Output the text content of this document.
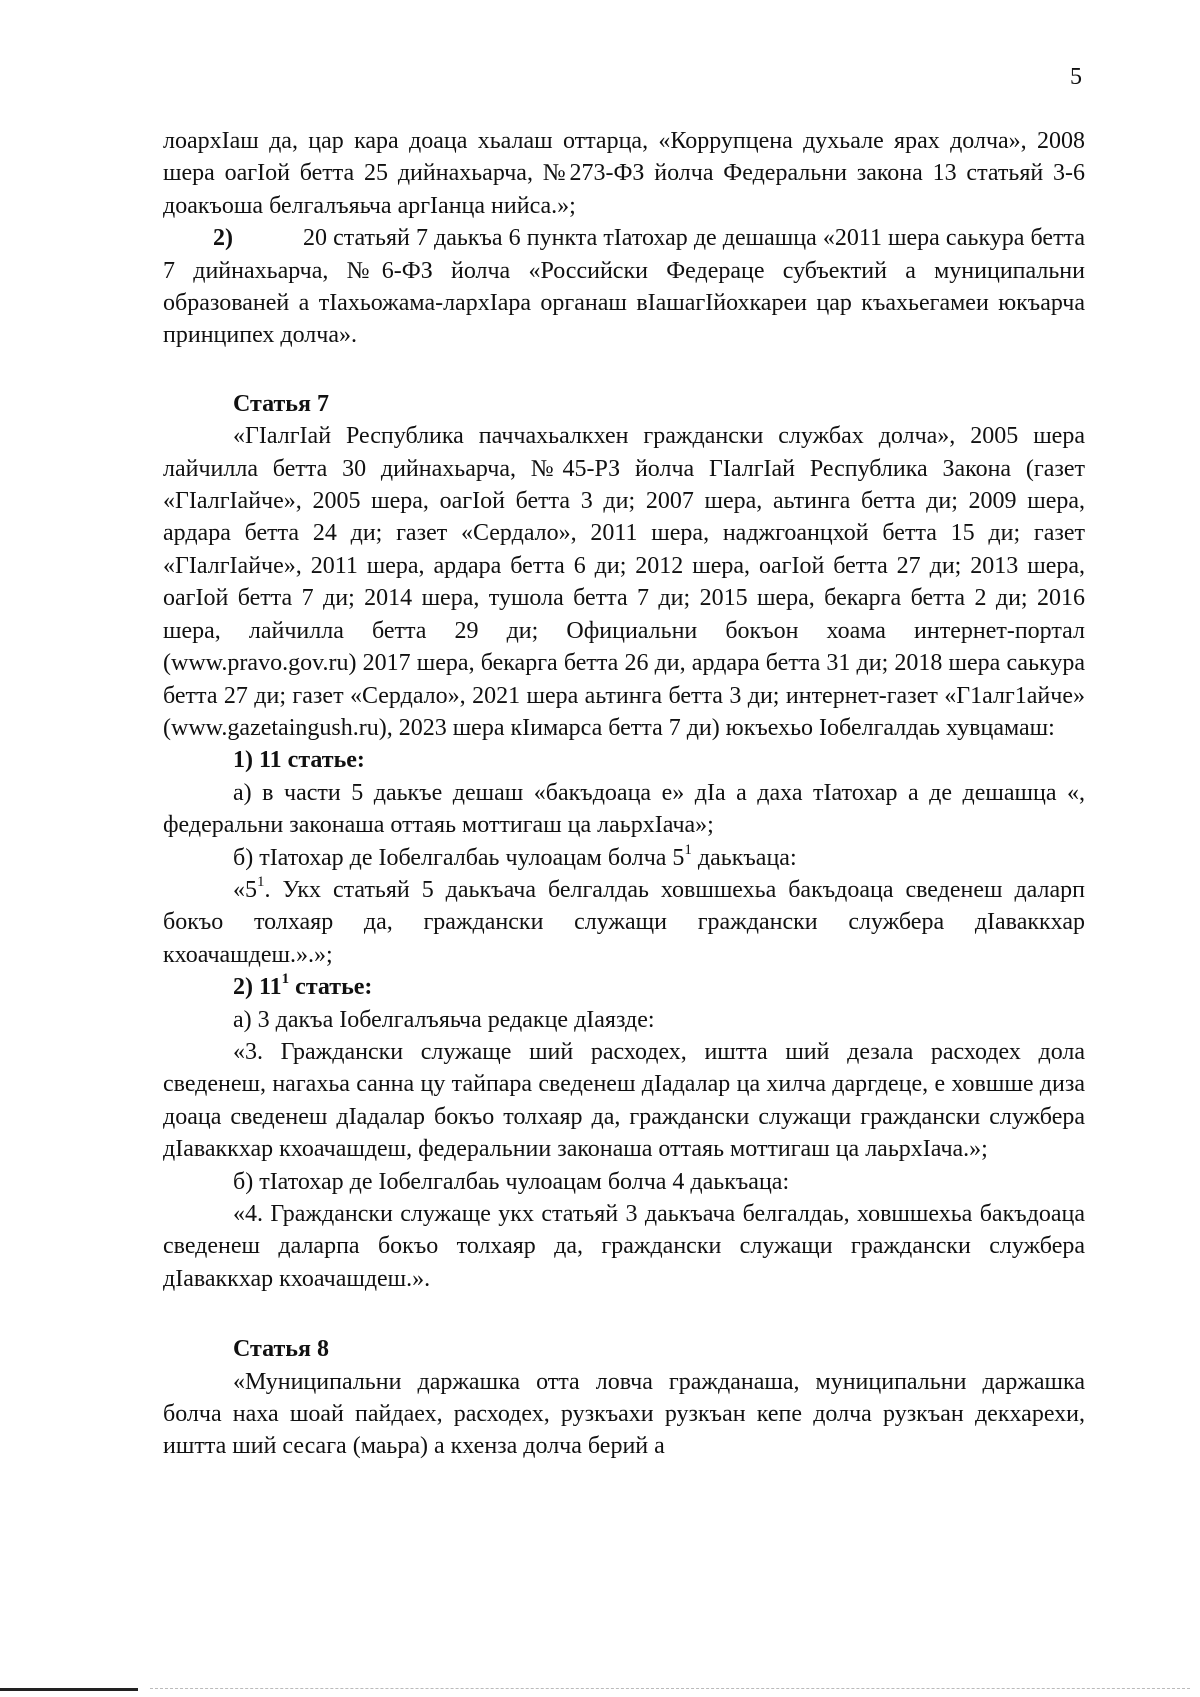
5

лоархIаш да, цар кара доаца хьалаш оттарца, «Коррупцена духьале ярах долча», 2008 шера оагIой бетта 25 дийнахьарча, №273-ФЗ йолча Федеральни закона 13 статьяй 3-6 доакъоша белгалъяьча аргIанца нийса.»;

2)	20 статьяй 7 даькъа 6 пункта тIатохар де дешашца «2011 шера саькура бетта 7 дийнахьарча, №6-ФЗ йолча «Российски Федераце субъектий а муниципальни образованей а тIахьожама-лархIара органаш вIашагIйохкареи цар къахьегамеи юкъарча принципех долча».

Статья 7

«ГIалгIай Республика паччахьалкхен граждански службах долча», 2005 шера лайчилла бетта 30 дийнахьарча, №45-РЗ йолча ГIалгIай Республика Закона (газет «ГIалгIайче», 2005 шера, оагIой бетта 3 ди; 2007 шера, аьтинга бетта ди; 2009 шера, ардара бетта 24 ди; газет «Сердало», 2011 шера, наджгоанцхой бетта 15 ди; газет «ГIалгIайче», 2011 шера, ардара бетта 6 ди; 2012 шера, оагIой бетта 27 ди; 2013 шера, оагIой бетта 7 ди; 2014 шера, тушола бетта 7 ди; 2015 шера, бекарга бетта 2 ди; 2016 шера, лайчилла бетта 29 ди; Официальни бокъон хоама интернет-портал (www.pravo.gov.ru) 2017 шера, бекарга бетта 26 ди, ардара бетта 31 ди; 2018 шера саькура бетта 27 ди; газет «Сердало», 2021 шера аьтинга бетта 3 ди; интернет-газет «Г1алг1айче» (www.gazetaingush.ru), 2023 шера кIимарса бетта 7 ди) юкъехьо Iобелгалдаь хувцамаш:

1) 11 статье:

а) в части 5 даькъе дешаш «бакъдоаца е» дIа а даха тIатохар а де дешашца «, федеральни законаша оттаяь моттигаш ца лаьрхIача»;

б) тIатохар де Iобелгалбаь чулоацам болча $5^1$ даькъаца:

«$5^1$. Укх статьяй 5 даькъача белгалдаь ховшшехьа бакъдоаца сведенеш даларп бокъо толхаяр да, граждански служащи граждански службера дIаваккхар кхоачашдеш.».»;

2) $11^1$ статье:

а) 3 дакъа Iобелгалъяьча редакце дIаязде:

«3. Граждански служаще ший расходех, иштта ший дезала расходех дола сведенеш, нагахьа санна цу тайпара сведенеш дIадалар ца хилча даргдеце, е ховшше диза доаца сведенеш дIадалар бокъо толхаяр да, граждански служащи граждански службера дIаваккхар кхоачашдеш, федеральнии законаша оттаяь моттигаш ца лаьрхIача.»;

б) тIатохар де Iобелгалбаь чулоацам болча 4 даькъаца:

«4. Граждански служаще укх статьяй 3 даькъача белгалдаь, ховшшехьа бакъдоаца сведенеш даларпа бокъо толхаяр да, граждански служащи граждански службера дIаваккхар кхоачашдеш.».

Статья 8

«Муниципальни даржашка отта ловча гражданаша, муниципальни даржашка болча наха шоай пайдаех, расходех, рузкъахи рузкъан кепе долча рузкъан декхарехи, иштта ший сесага (маьра) а кхенза долча берий а
